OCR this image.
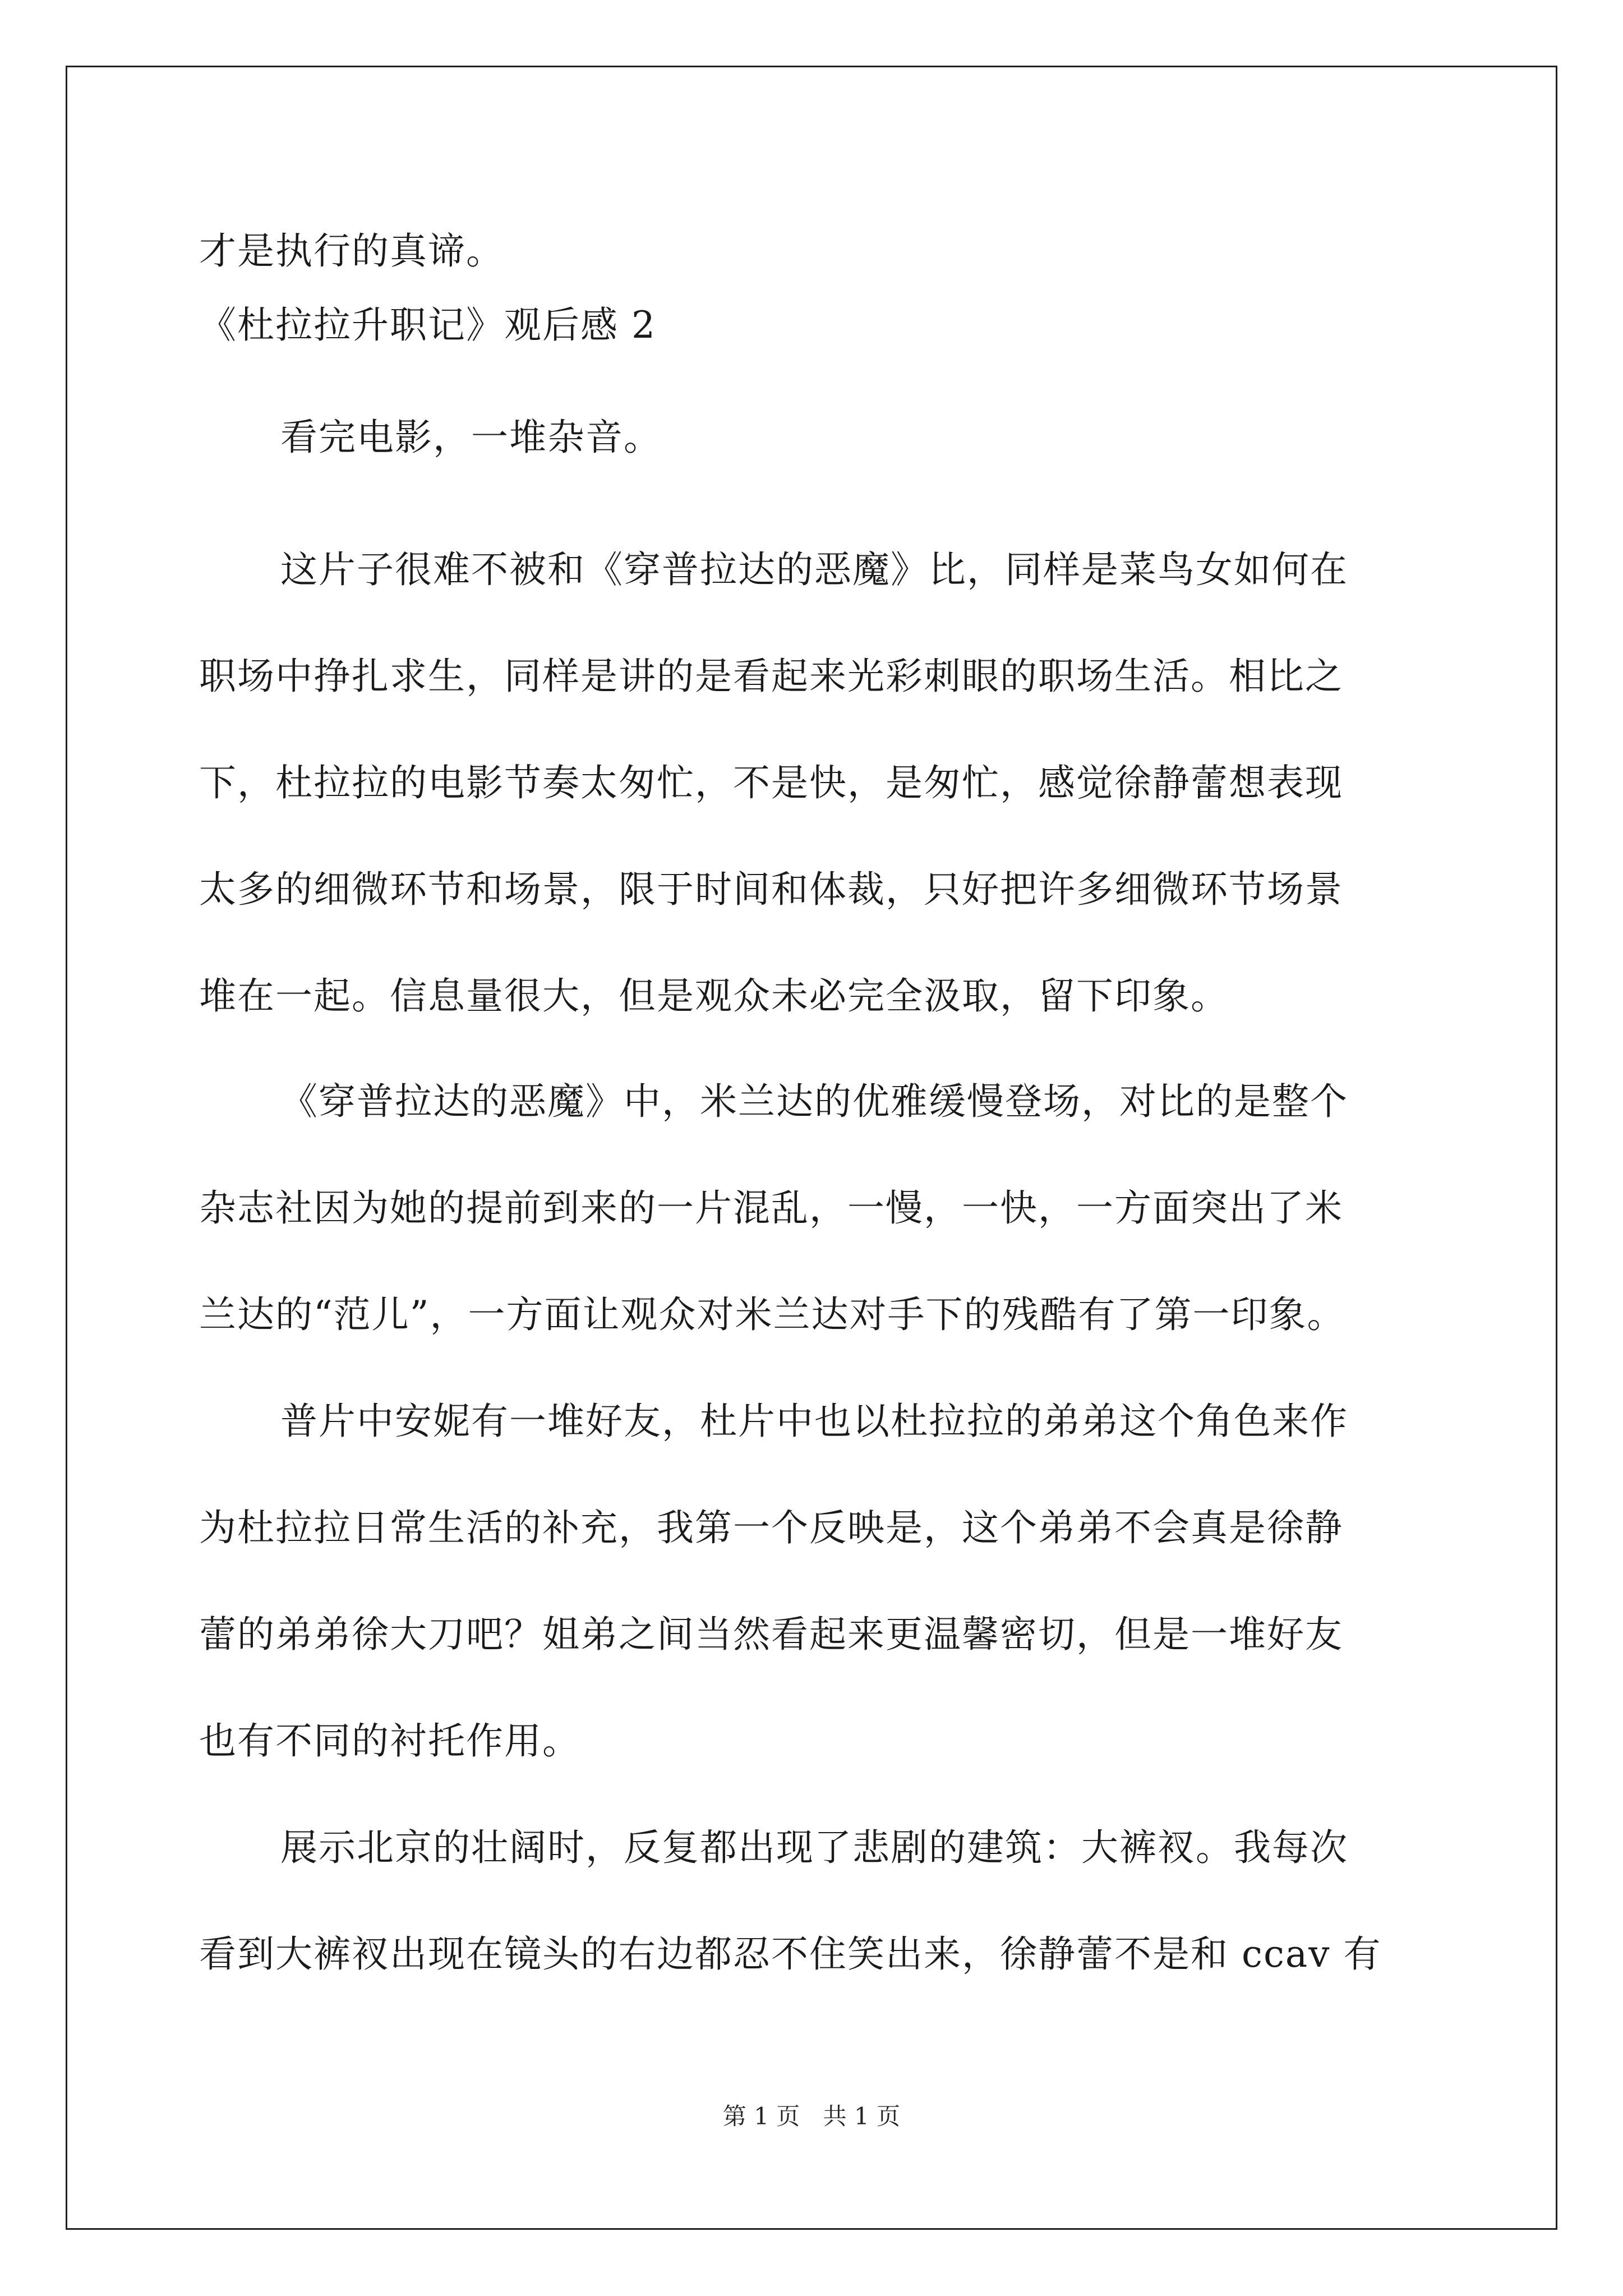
才是执行的真谛。
《杜拉拉升职记》观后感 2
看完电影，一堆杂音。
这片子很难不被和《穿普拉达的恶魔》比，同样是菜鸟女如何在
职场中挣扎求生，同样是讲的是看起来光彩刺眼的职场生活。相比之
下，杜拉拉的电影节奏太匆忙，不是快，是匆忙，感觉徐静蕾想表现
太多的细微环节和场景，限于时间和体裁，只好把许多细微环节场景
堆在一起。信息量很大，但是观众未必完全汲取，留下印象。
《穿普拉达的恶魔》中，米兰达的优雅缓慢登场，对比的是整个
杂志社因为她的提前到来的一片混乱，一慢，一快，一方面突出了米
兰达的“范儿”，一方面让观众对米兰达对手下的残酷有了第一印象。
普片中安妮有一堆好友，杜片中也以杜拉拉的弟弟这个角色来作
为杜拉拉日常生活的补充，我第一个反映是，这个弟弟不会真是徐静
蕾的弟弟徐大刀吧？姐弟之间当然看起来更温馨密切，但是一堆好友
也有不同的衬托作用。
展示北京的壮阔时，反复都出现了悲剧的建筑：大裤衩。我每次
看到大裤衩出现在镜头的右边都忍不住笑出来，徐静蕾不是和 ccav 有
第 1 页 共 1 页
